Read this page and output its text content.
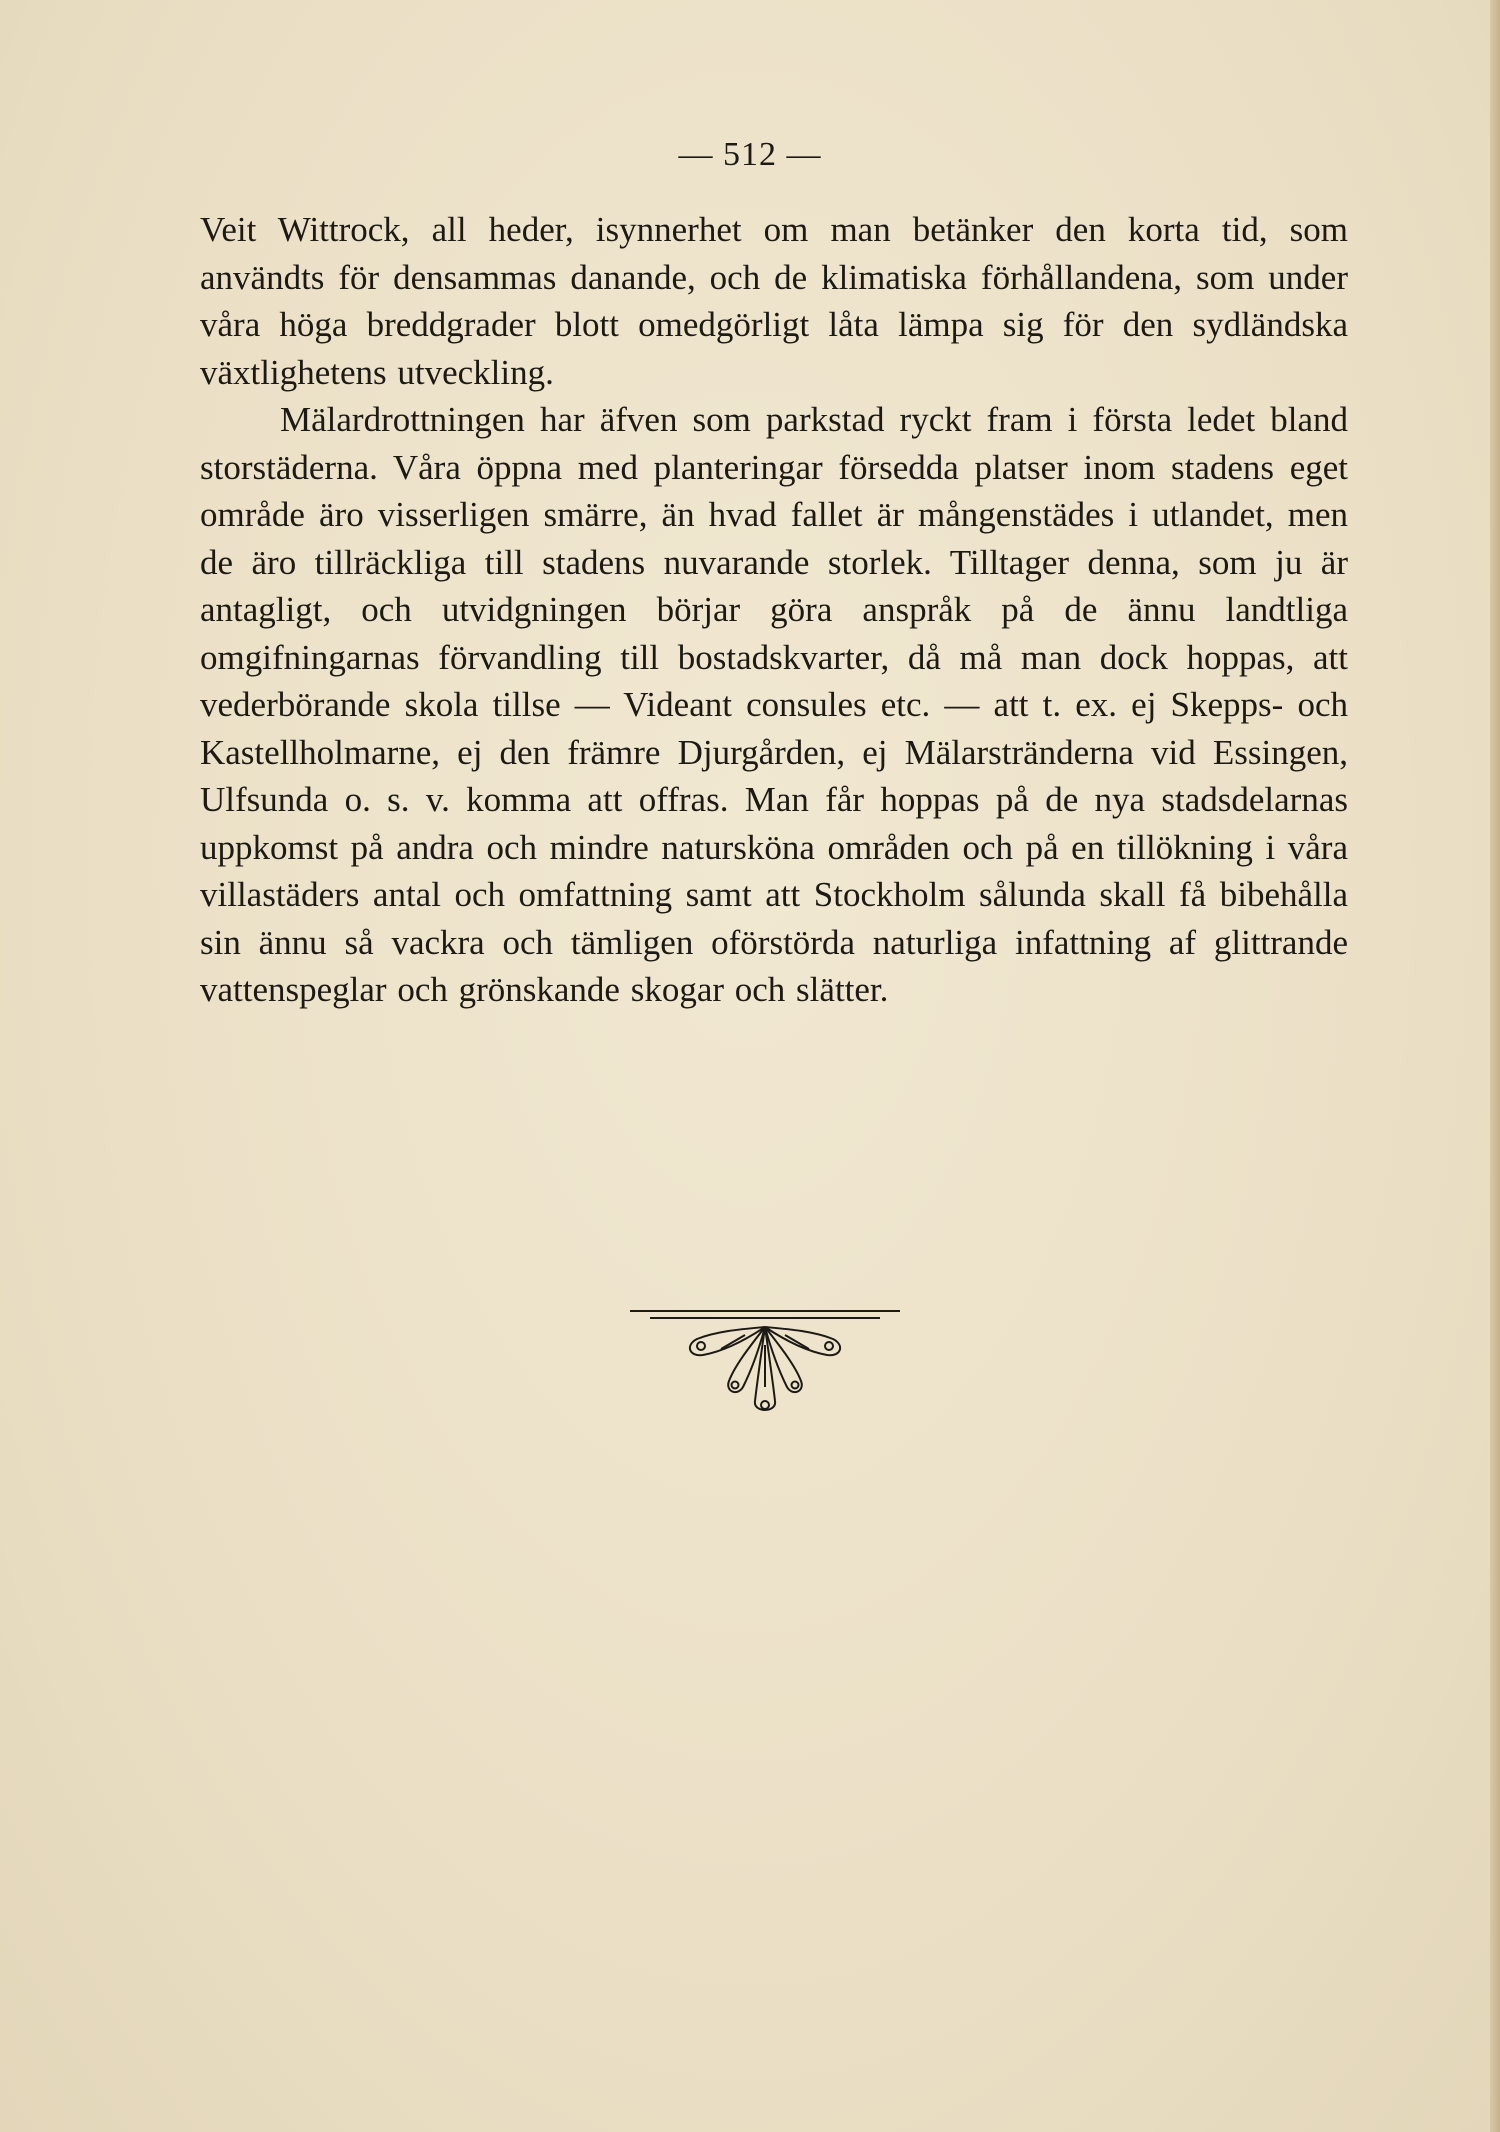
— 512 —

Veit Wittrock, all heder, isynnerhet om man betänker den korta tid, som användts för densammas danande, och de klimatiska förhållandena, som under våra höga breddgrader blott omedgörligt låta lämpa sig för den sydländska växtlighetens utveckling.

Mälardrottningen har äfven som parkstad ryckt fram i första ledet bland storstäderna. Våra öppna med planteringar försedda platser inom stadens eget område äro visserligen smärre, än hvad fallet är mångenstädes i utlandet, men de äro tillräckliga till stadens nuvarande storlek. Tilltager denna, som ju är antagligt, och utvidgningen börjar göra anspråk på de ännu landtliga omgifningarnas förvandling till bostadskvarter, då må man dock hoppas, att vederbörande skola tillse — Videant consules etc. — att t. ex. ej Skepps- och Kastellholmarne, ej den främre Djurgården, ej Mälarstränderna vid Essingen, Ulfsunda o. s. v. komma att offras. Man får hoppas på de nya stadsdelarnas uppkomst på andra och mindre natursköna områden och på en tillökning i våra villastäders antal och omfattning samt att Stockholm sålunda skall få bibehålla sin ännu så vackra och tämligen oförstörda naturliga infattning af glittrande vattenspeglar och grönskande skogar och slätter.
